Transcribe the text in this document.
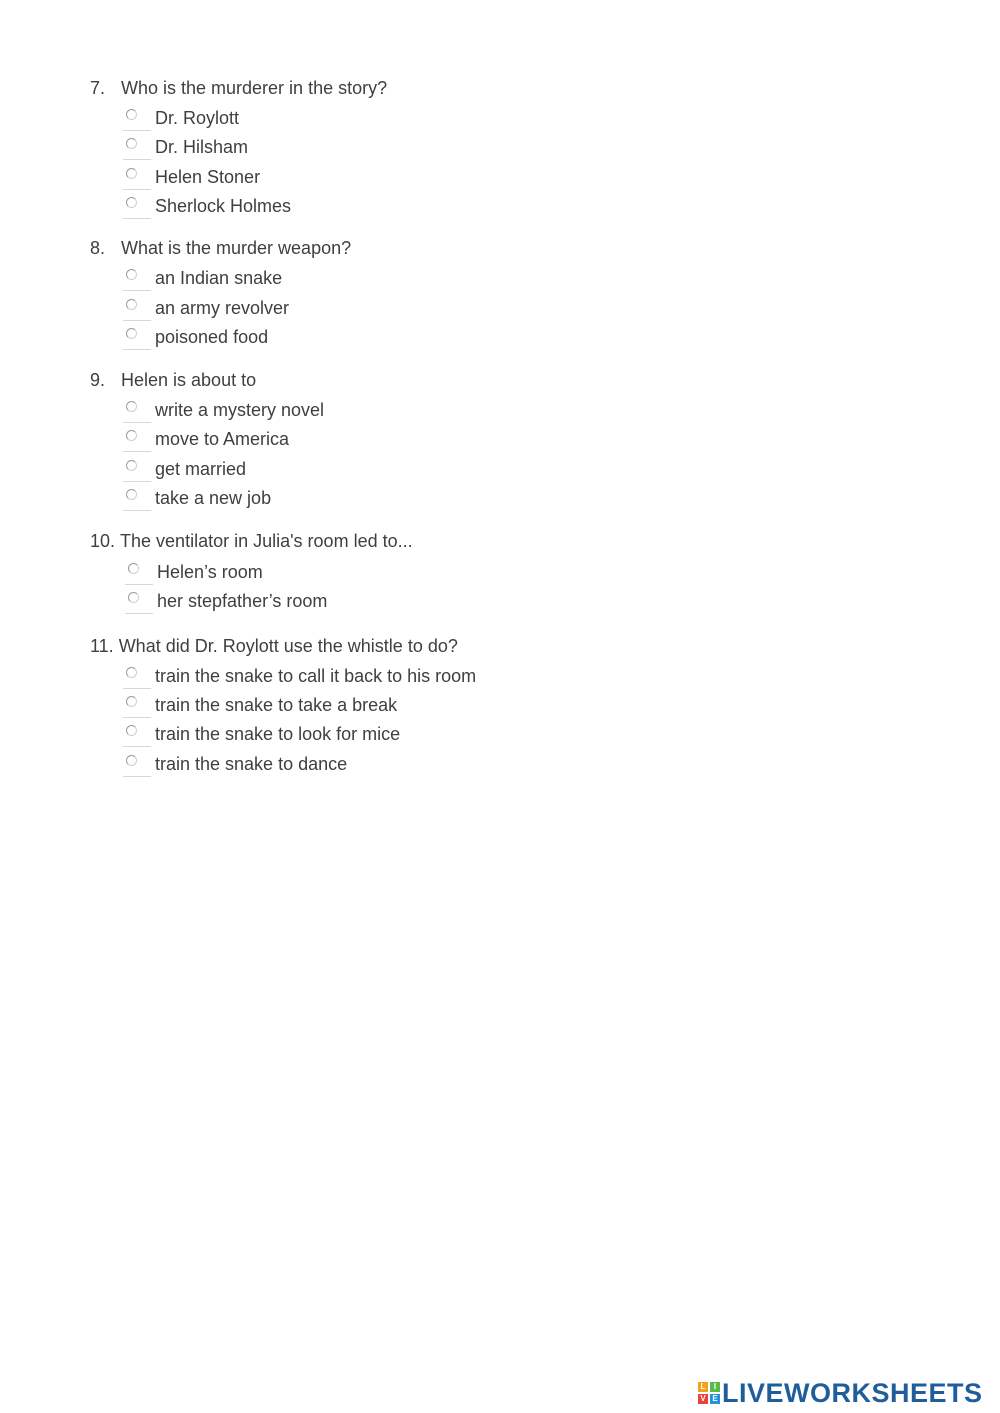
7. Who is the murderer in the story?
Dr. Roylott
Dr. Hilsham
Helen Stoner
Sherlock Holmes
8. What is the murder weapon?
an Indian snake
an army revolver
poisoned food
9. Helen is about to
write a mystery novel
move to America
get married
take a new job
10. The ventilator in Julia's room led to...
Helen’s room
her stepfather’s room
11. What did Dr. Roylott use the whistle to do?
train the snake to call it back to his room
train the snake to take a break
train the snake to look for mice
train the snake to dance
L	I
V E LIVEWORKSHEETS
